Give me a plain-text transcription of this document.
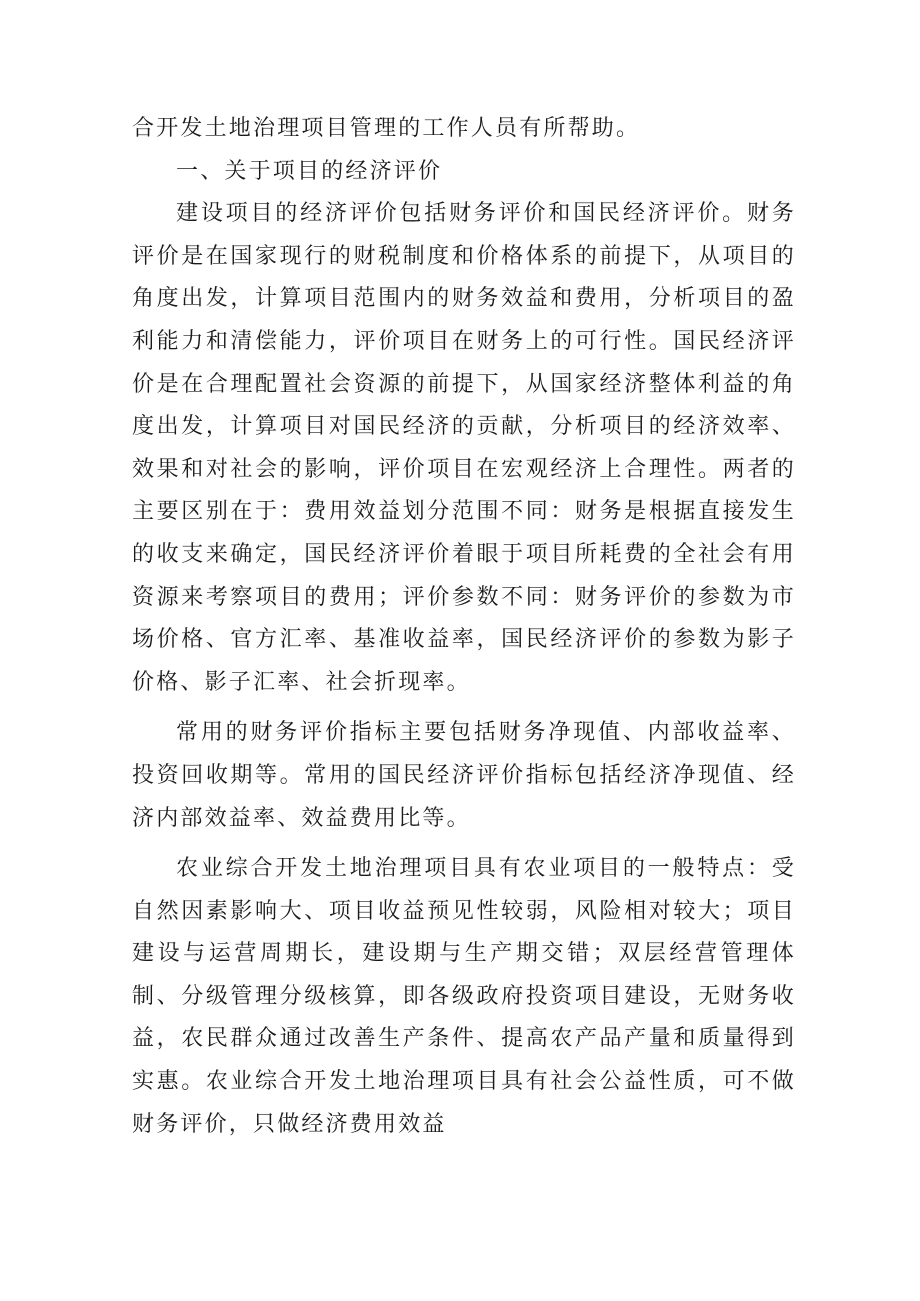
合开发土地治理项目管理的工作人员有所帮助。

一、关于项目的经济评价

建设项目的经济评价包括财务评价和国民经济评价。财务评价是在国家现行的财税制度和价格体系的前提下，从项目的角度出发，计算项目范围内的财务效益和费用，分析项目的盈利能力和清偿能力，评价项目在财务上的可行性。国民经济评价是在合理配置社会资源的前提下，从国家经济整体利益的角度出发，计算项目对国民经济的贡献，分析项目的经济效率、效果和对社会的影响，评价项目在宏观经济上合理性。两者的主要区别在于：费用效益划分范围不同：财务是根据直接发生的收支来确定，国民经济评价着眼于项目所耗费的全社会有用资源来考察项目的费用；评价参数不同：财务评价的参数为市场价格、官方汇率、基准收益率，国民经济评价的参数为影子价格、影子汇率、社会折现率。

常用的财务评价指标主要包括财务净现值、内部收益率、投资回收期等。常用的国民经济评价指标包括经济净现值、经济内部效益率、效益费用比等。

农业综合开发土地治理项目具有农业项目的一般特点：受自然因素影响大、项目收益预见性较弱，风险相对较大；项目建设与运营周期长，建设期与生产期交错；双层经营管理体制、分级管理分级核算，即各级政府投资项目建设，无财务收益，农民群众通过改善生产条件、提高农产品产量和质量得到实惠。农业综合开发土地治理项目具有社会公益性质，可不做财务评价，只做经济费用效益
